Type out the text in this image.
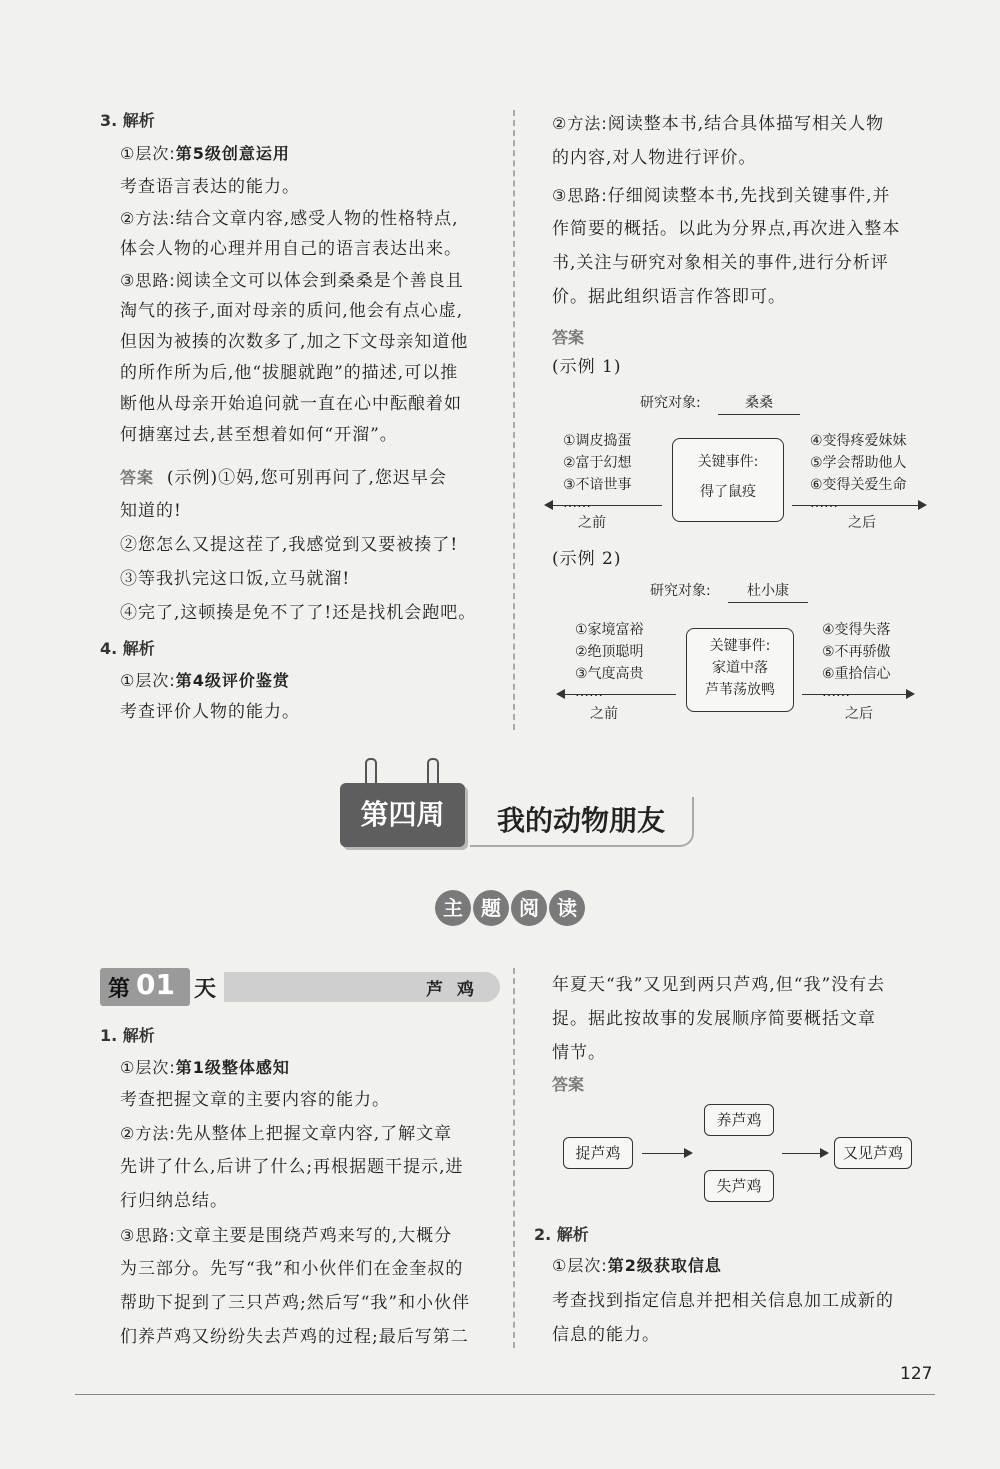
3. 解析
①层次:第5级创意运用
考查语言表达的能力。
②方法:结合文章内容,感受人物的性格特点,
体会人物的心理并用自己的语言表达出来。
③思路:阅读全文可以体会到桑桑是个善良且
淘气的孩子,面对母亲的质问,他会有点心虚,
但因为被揍的次数多了,加之下文母亲知道他
的所作所为后,他“拔腿就跑”的描述,可以推
断他从母亲开始追问就一直在心中酝酿着如
何搪塞过去,甚至想着如何“开溜”。
答案 (示例)①妈,您可别再问了,您迟早会
知道的!
②您怎么又提这茬了,我感觉到又要被揍了!
③等我扒完这口饭,立马就溜!
④完了,这顿揍是免不了了!还是找机会跑吧。
4. 解析
①层次:第4级评价鉴赏
考查评价人物的能力。
②方法:阅读整本书,结合具体描写相关人物
的内容,对人物进行评价。
③思路:仔细阅读整本书,先找到关键事件,并
作简要的概括。以此为分界点,再次进入整本
书,关注与研究对象相关的事件,进行分析评
价。据此组织语言作答即可。
答案
(示例 1)
研究对象:	桑桑
①调皮捣蛋
②富于幻想
③不谙世事
……
关键事件:
得了鼠疫
④变得疼爱妹妹
⑤学会帮助他人
⑥变得关爱生命
……
之前	之后
(示例 2)
研究对象:	杜小康
①家境富裕
②绝顶聪明
③气度高贵
……
关键事件:
家道中落
芦苇荡放鸭
④变得失落
⑤不再骄傲
⑥重拾信心
……
之前	之后
第四周	我的动物朋友
主 题 阅 读
第 01 天	芦 鸡
1. 解析
①层次:第1级整体感知
考查把握文章的主要内容的能力。
②方法:先从整体上把握文章内容,了解文章
先讲了什么,后讲了什么;再根据题干提示,进
行归纳总结。
③思路:文章主要是围绕芦鸡来写的,大概分
为三部分。先写“我”和小伙伴们在金奎叔的
帮助下捉到了三只芦鸡;然后写“我”和小伙伴
们养芦鸡又纷纷失去芦鸡的过程;最后写第二
年夏天“我”又见到两只芦鸡,但“我”没有去
捉。据此按故事的发展顺序简要概括文章
情节。
答案
捉芦鸡
养芦鸡
失芦鸡
又见芦鸡
2. 解析
①层次:第2级获取信息
考查找到指定信息并把相关信息加工成新的
信息的能力。
127
